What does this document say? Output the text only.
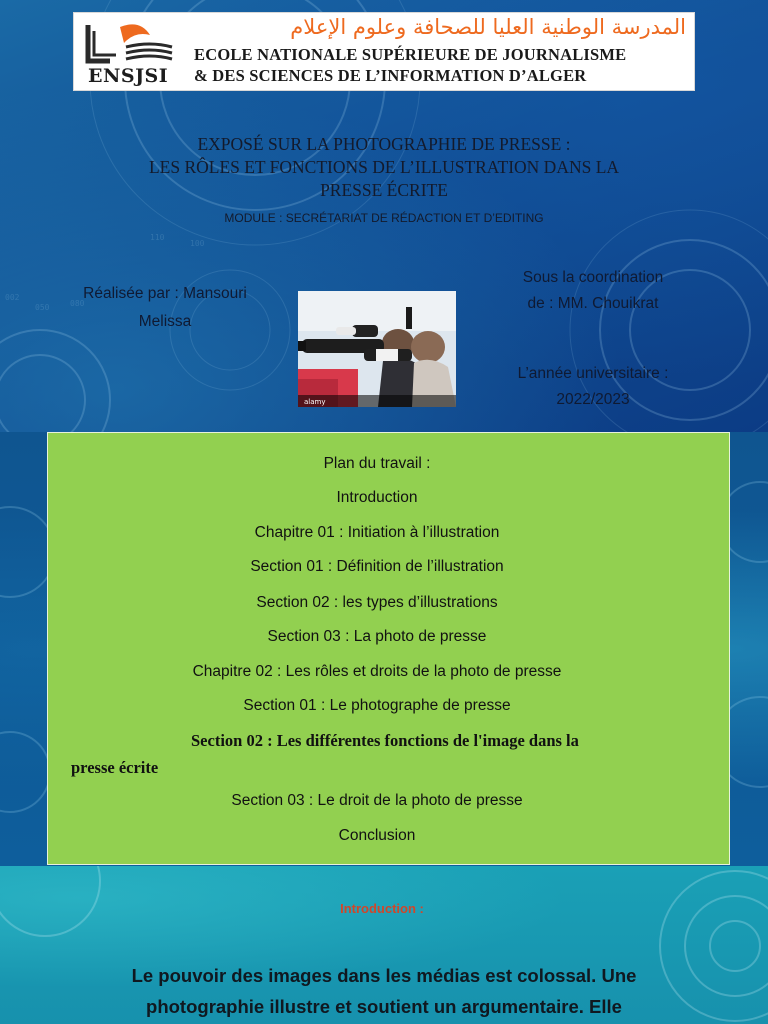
002
050	080
110
100
ENSJSI
المدرسة الوطنية العليا للصحافة وعلوم الإعلام
ECOLE NATIONALE SUPÉRIEURE DE JOURNALISME
& DES SCIENCES DE L’INFORMATION D’ALGER
EXPOSÉ SUR LA PHOTOGRAPHIE DE PRESSE :
LES RÔLES ET FONCTIONS DE L’ILLUSTRATION DANS LA
PRESSE ÉCRITE
MODULE : SECRÉTARIAT DE RÉDACTION ET D’EDITING
Réalisée par : Mansouri
Melissa
alamy
Sous la coordination
de : MM. Chouikrat
L’année universitaire :
2022/2023
Plan du travail :
Introduction
Chapitre 01 : Initiation à l’illustration
Section 01 : Définition de l’illustration
Section 02 : les types d’illustrations
Section 03 : La photo de presse
Chapitre 02 : Les rôles et droits de la photo de presse
Section 01 : Le photographe de presse
Section 02 : Les différentes fonctions de l'image dans la
presse écrite
Section 03 : Le droit de la photo de presse
Conclusion
Introduction :
Le pouvoir des images dans les médias est colossal. Une
photographie illustre et soutient un argumentaire. Elle
